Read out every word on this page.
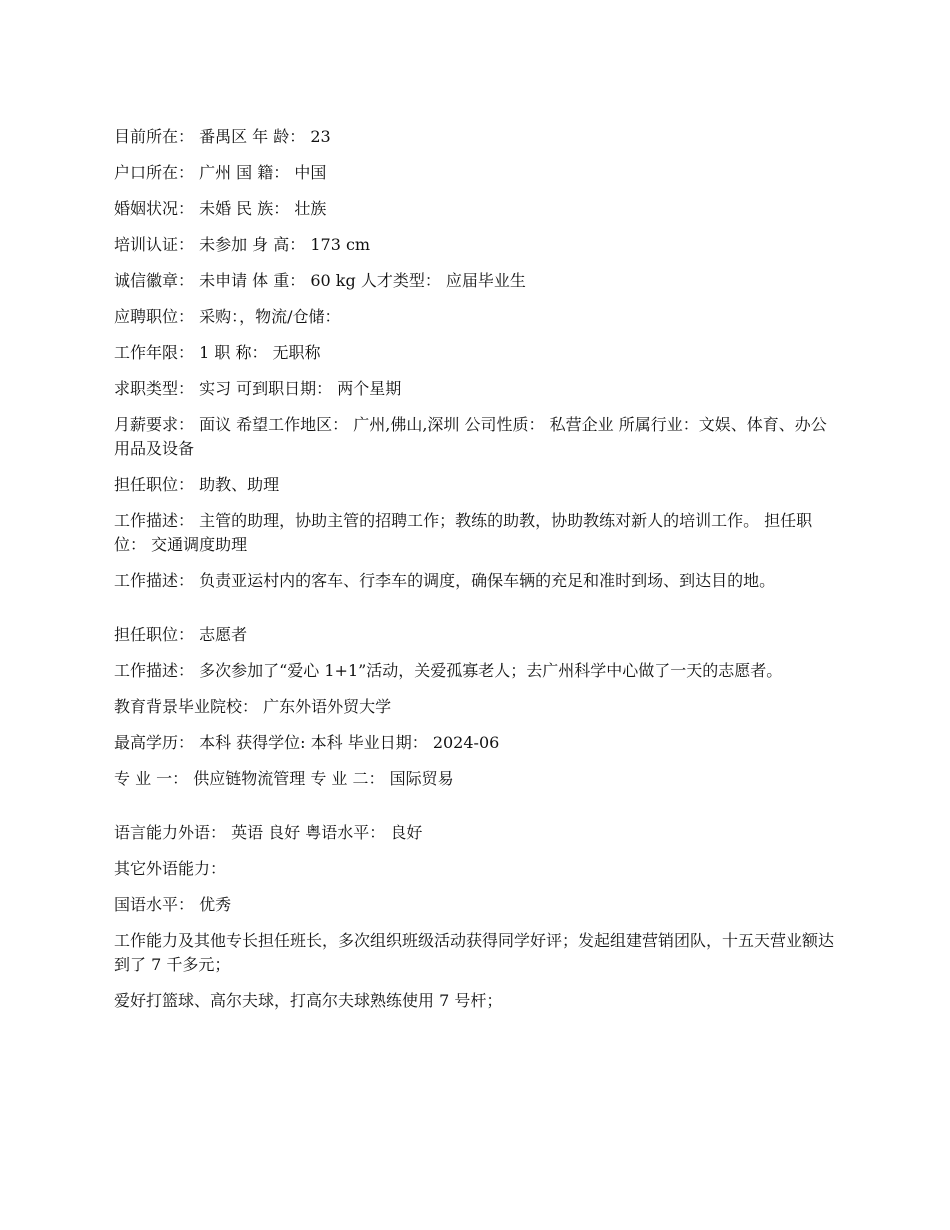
目前所在： 番禺区 年 龄： 23

户口所在： 广州 国 籍： 中国

婚姻状况： 未婚 民 族： 壮族

培训认证： 未参加 身 高： 173 cm

诚信徽章： 未申请 体 重： 60 kg 人才类型： 应届毕业生

应聘职位： 采购：，物流/仓储：

工作年限： 1 职 称： 无职称

求职类型： 实习 可到职日期： 两个星期

月薪要求： 面议 希望工作地区： 广州,佛山,深圳 公司性质： 私营企业 所属行业：文娱、体育、办公用品及设备

担任职位： 助教、助理

工作描述： 主管的助理，协助主管的招聘工作；教练的助教，协助教练对新人的培训工作。 担任职位： 交通调度助理

工作描述： 负责亚运村内的客车、行李车的调度，确保车辆的充足和准时到场、到达目的地。

担任职位： 志愿者

工作描述： 多次参加了“爱心 1+1”活动，关爱孤寡老人；去广州科学中心做了一天的志愿者。

教育背景毕业院校： 广东外语外贸大学

最高学历： 本科 获得学位: 本科 毕业日期： 2024-06

专 业 一： 供应链物流管理 专 业 二： 国际贸易

语言能力外语： 英语 良好 粤语水平： 良好

其它外语能力：

国语水平： 优秀

工作能力及其他专长担任班长，多次组织班级活动获得同学好评；发起组建营销团队，十五天营业额达到了 7 千多元；

爱好打篮球、高尔夫球，打高尔夫球熟练使用 7 号杆；
